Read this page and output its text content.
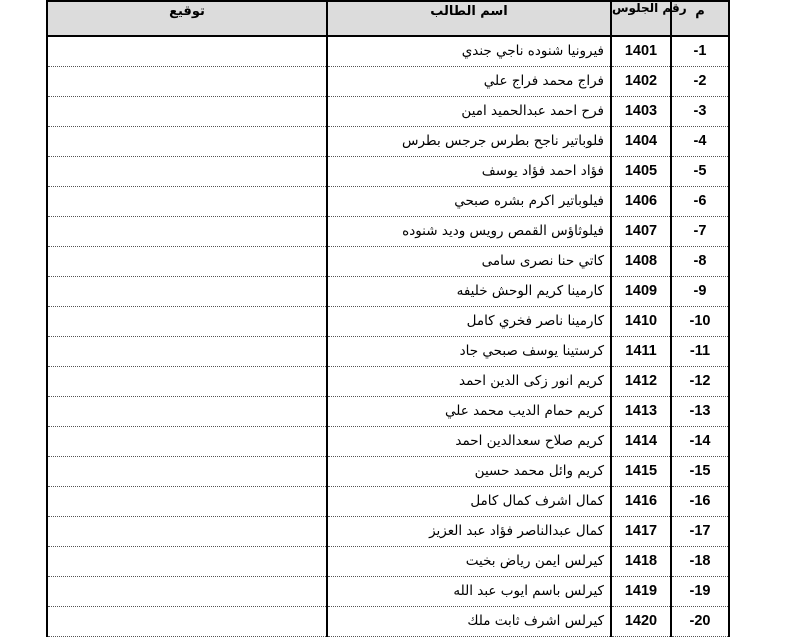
توقيع	اسم الطالب	رقم الجلوس	م
	فيرونيا شنوده ناجي جندي	1401	-1
	فراج محمد فراج علي	1402	-2
	فرح احمد عبدالحميد امين	1403	-3
	فلوباتير ناجح بطرس جرجس بطرس	1404	-4
	فؤاد احمد فؤاد يوسف	1405	-5
	فيلوباتير اكرم بشره صبحي	1406	-6
	فيلوثاؤس القمص رويس وديد شنوده	1407	-7
	كاتي حنا نصرى سامى	1408	-8
	كارمينا كريم الوحش خليفه	1409	-9
	كارمينا ناصر فخري كامل	1410	-10
	كرستينا يوسف صبحي جاد	1411	-11
	كريم انور زكى الدين احمد	1412	-12
	كريم حمام الديب محمد علي	1413	-13
	كريم صلاح سعدالدين احمد	1414	-14
	كريم وائل محمد حسين	1415	-15
	كمال اشرف كمال كامل	1416	-16
	كمال عبدالناصر فؤاد عبد العزيز	1417	-17
	كيرلس ايمن رياض بخيت	1418	-18
	كيرلس باسم ايوب عبد الله	1419	-19
	كيرلس اشرف ثابت ملك	1420	-20
